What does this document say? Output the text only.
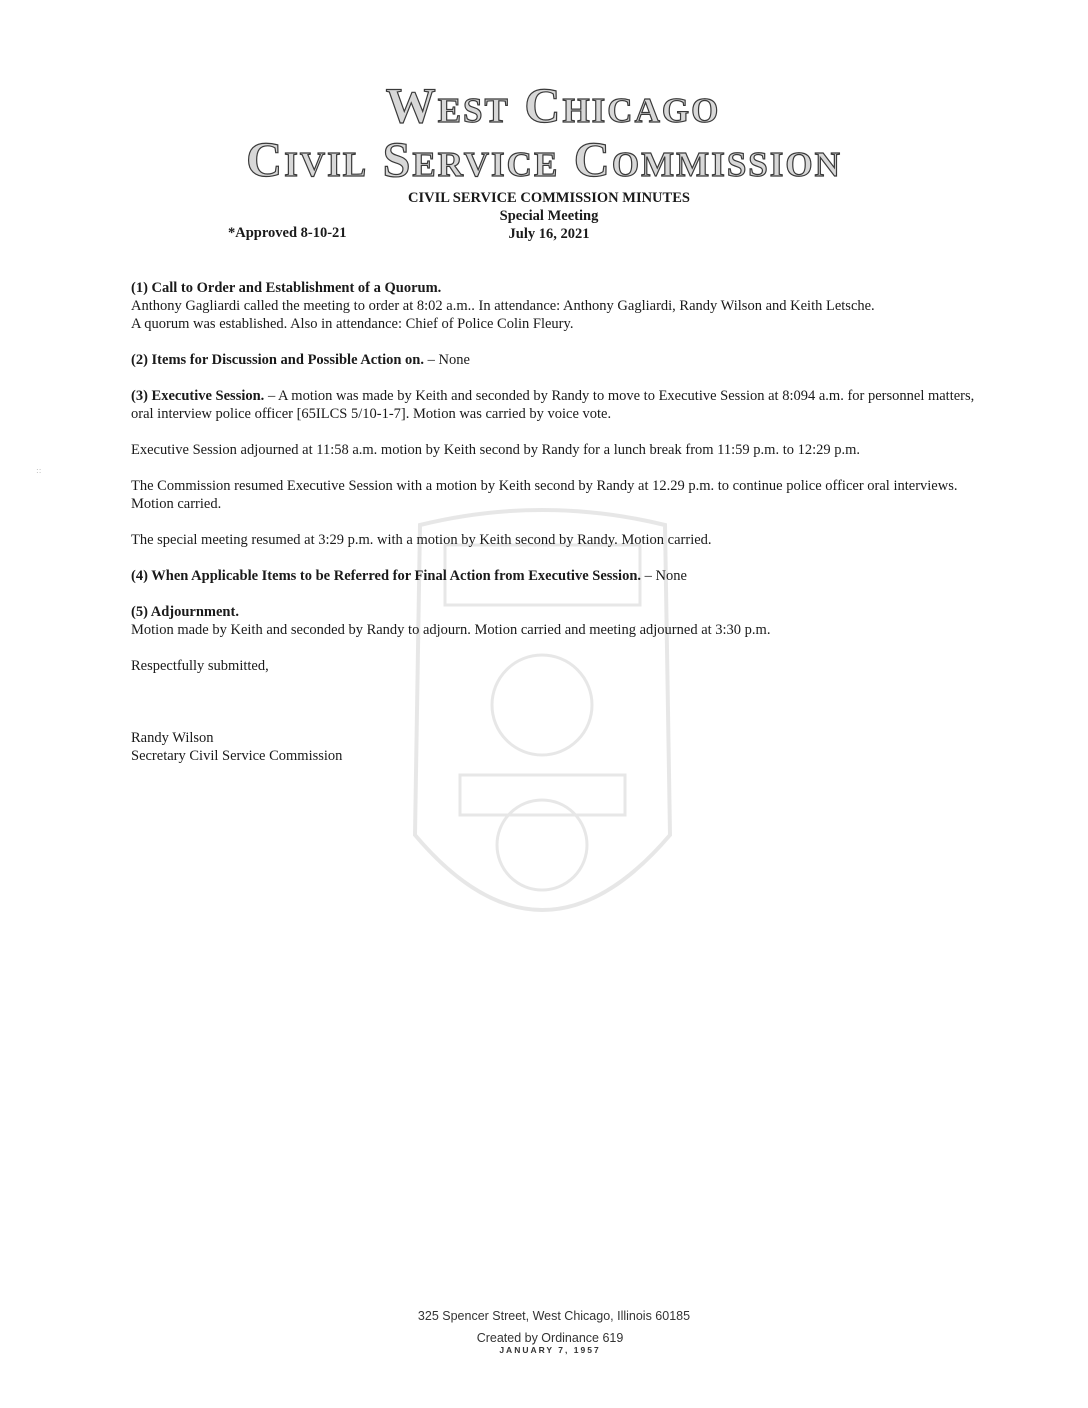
::
West Chicago
Civil Service Commission
CIVIL SERVICE COMMISSION MINUTES
Special Meeting
July 16, 2021
*Approved 8-10-21

(1) Call to Order and Establishment of a Quorum.
Anthony Gagliardi called the meeting to order at 8:02 a.m.. In attendance: Anthony Gagliardi, Randy Wilson and Keith Letsche.
A quorum was established. Also in attendance: Chief of Police Colin Fleury.

(2) Items for Discussion and Possible Action on. – None

(3) Executive Session. – A motion was made by Keith and seconded by Randy to move to Executive Session at 8:094 a.m. for personnel matters, oral interview police officer [65ILCS 5/10-1-7]. Motion was carried by voice vote.

Executive Session adjourned at 11:58 a.m. motion by Keith second by Randy for a lunch break from 11:59 p.m. to 12:29 p.m.

The Commission resumed Executive Session with a motion by Keith second by Randy at 12.29 p.m. to continue police officer oral interviews. Motion carried.

The special meeting resumed at 3:29 p.m. with a motion by Keith second by Randy. Motion carried.

(4) When Applicable Items to be Referred for Final Action from Executive Session. – None

(5) Adjournment.
Motion made by Keith and seconded by Randy to adjourn. Motion carried and meeting adjourned at 3:30 p.m.

Respectfully submitted,

Randy Wilson
Secretary Civil Service Commission
325 Spencer Street, West Chicago, Illinois 60185
Created by Ordinance 619
JANUARY 7, 1957
